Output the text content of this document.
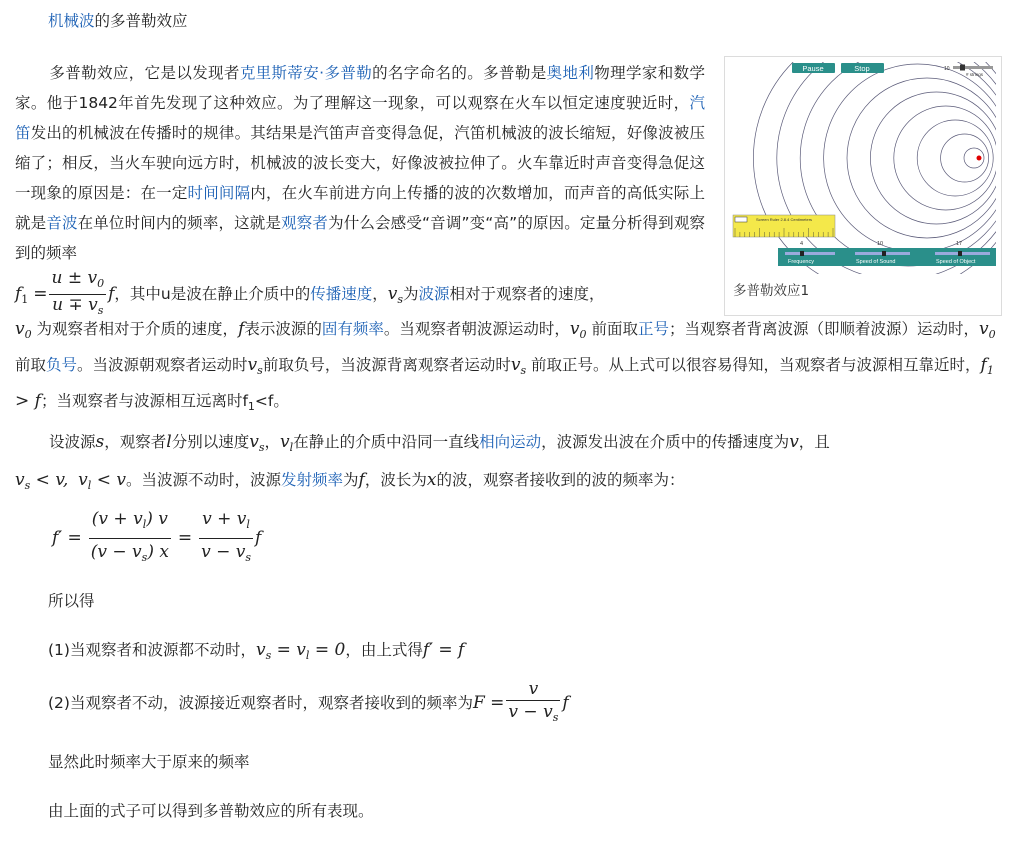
机械波的多普勒效应
多普勒效应，它是以发现者克里斯蒂安·多普勒的名字命名的。多普勒是奥地利物理学家和数学家。他于1842年首先发现了这种效应。为了理解这一现象，可以观察在火车以恒定速度驶近时，汽笛发出的机械波在传播时的规律。其结果是汽笛声音变得急促，汽笛机械波的波长缩短，好像波被压缩了；相反，当火车驶向远方时，机械波的波长变大，好像波被拉伸了。火车靠近时声音变得急促这一现象的原因是：在一定时间间隔内，在火车前进方向上传播的波的次数增加，而声音的高低实际上就是音波在单位时间内的频率，这就是观察者为什么会感受“音调”变“高”的原因。定量分析得到观察到的频率
$f_1 = \frac{u \pm v_0}{u \mp v_s}$ f，其中u是波在静止介质中的传播速度，$v_s$为波源相对于观察者的速度，
Pause	Stop	10
# strings
Screen Ruler 2.8.4 Centimeters
4	10	17
Frequency	Speed of Sound	Speed of Object
多普勒效应1
$v_0$ 为观察者相对于介质的速度，f表示波源的固有频率。当观察者朝波源运动时，$v_0$ 前面取正号；当观察者背离波源（即顺着波源）运动时，$v_0$ 前取负号。当波源朝观察者运动时$v_s$前取负号，当波源背离观察者运动时$v_s$ 前取正号。从上式可以很容易得知，当观察者与波源相互靠近时，$f_1 > f$；当观察者与波源相互远离时$f_1<f$。
设波源s，观察者l分别以速度$v_s$，$v_l$在静止的介质中沿同一直线相向运动，波源发出波在介质中的传播速度为v，且
$v_s < v$, $v_l < v$。当波源不动时，波源发射频率为f，波长为x的波，观察者接收到的波的频率为：
$f' = \frac{(v + v_l) v}{(v - v_s) x} = \frac{v + v_l}{v - v_s}$ f
所以得
(1)当观察者和波源都不动时，$v_s = v_l = 0$，由上式得f′ = f
(2)当观察者不动，波源接近观察者时，观察者接收到的频率为$F = \frac{v}{v - v_s}$ f
显然此时频率大于原来的频率
由上面的式子可以得到多普勒效应的所有表现。
